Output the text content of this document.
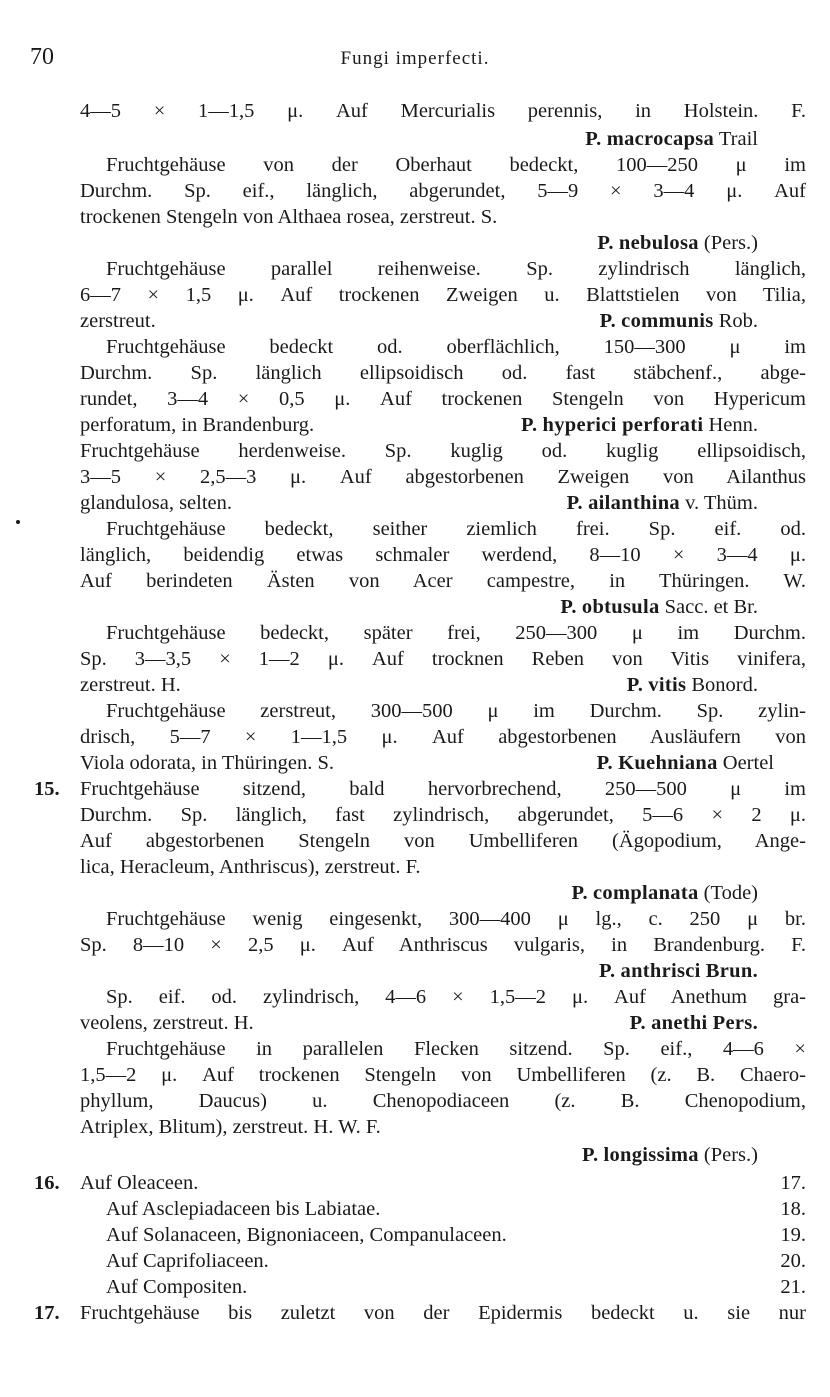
70	Fungi imperfecti.
4—5 × 1—1,5 μ. Auf Mercurialis perennis, in Holstein. F.
P. macrocapsa Trail
Fruchtgehäuse von der Oberhaut bedeckt, 100—250 μ im
Durchm. Sp. eif., länglich, abgerundet, 5—9 × 3—4 μ. Auf
trockenen Stengeln von Althaea rosea, zerstreut. S.
P. nebulosa (Pers.)
Fruchtgehäuse parallel reihenweise. Sp. zylindrisch länglich,
6—7 × 1,5 μ. Auf trockenen Zweigen u. Blattstielen von Tilia,
zerstreut.	P. communis Rob.
Fruchtgehäuse bedeckt od. oberflächlich, 150—300 μ im
Durchm. Sp. länglich ellipsoidisch od. fast stäbchenf., abge-
rundet, 3—4 × 0,5 μ. Auf trockenen Stengeln von Hypericum
perforatum, in Brandenburg.	P. hyperici perforati Henn.
Fruchtgehäuse herdenweise. Sp. kuglig od. kuglig ellipsoidisch,
3—5 × 2,5—3 μ. Auf abgestorbenen Zweigen von Ailanthus
glandulosa, selten.	P. ailanthina v. Thüm.
Fruchtgehäuse bedeckt, seither ziemlich frei. Sp. eif. od.
länglich, beidendig etwas schmaler werdend, 8—10 × 3—4 μ.
Auf berindeten Ästen von Acer campestre, in Thüringen. W.
P. obtusula Sacc. et Br.
Fruchtgehäuse bedeckt, später frei, 250—300 μ im Durchm.
Sp. 3—3,5 × 1—2 μ. Auf trocknen Reben von Vitis vinifera,
zerstreut. H.	P. vitis Bonord.
Fruchtgehäuse zerstreut, 300—500 μ im Durchm. Sp. zylin-
drisch, 5—7 × 1—1,5 μ. Auf abgestorbenen Ausläufern von
Viola odorata, in Thüringen. S.	P. Kuehniana Oertel
15. Fruchtgehäuse sitzend, bald hervorbrechend, 250—500 μ im
Durchm. Sp. länglich, fast zylindrisch, abgerundet, 5—6 × 2 μ.
Auf abgestorbenen Stengeln von Umbelliferen (Ägopodium, Ange-
lica, Heracleum, Anthriscus), zerstreut. F.
P. complanata (Tode)
Fruchtgehäuse wenig eingesenkt, 300—400 μ lg., c. 250 μ br.
Sp. 8—10 × 2,5 μ. Auf Anthriscus vulgaris, in Brandenburg. F.
P. anthrisci Brun.
Sp. eif. od. zylindrisch, 4—6 × 1,5—2 μ. Auf Anethum gra-
veolens, zerstreut. H.	P. anethi Pers.
Fruchtgehäuse in parallelen Flecken sitzend. Sp. eif., 4—6 ×
1,5—2 μ. Auf trockenen Stengeln von Umbelliferen (z. B. Chaero-
phyllum, Daucus) u. Chenopodiaceen (z. B. Chenopodium,
Atriplex, Blitum), zerstreut. H. W. F.
P. longissima (Pers.)
16. Auf Oleaceen.	17.
Auf Asclepiadaceen bis Labiatae.	18.
Auf Solanaceen, Bignoniaceen, Companulaceen.	19.
Auf Caprifoliaceen.	20.
Auf Compositen.	21.
17. Fruchtgehäuse bis zuletzt von der Epidermis bedeckt u. sie nur
